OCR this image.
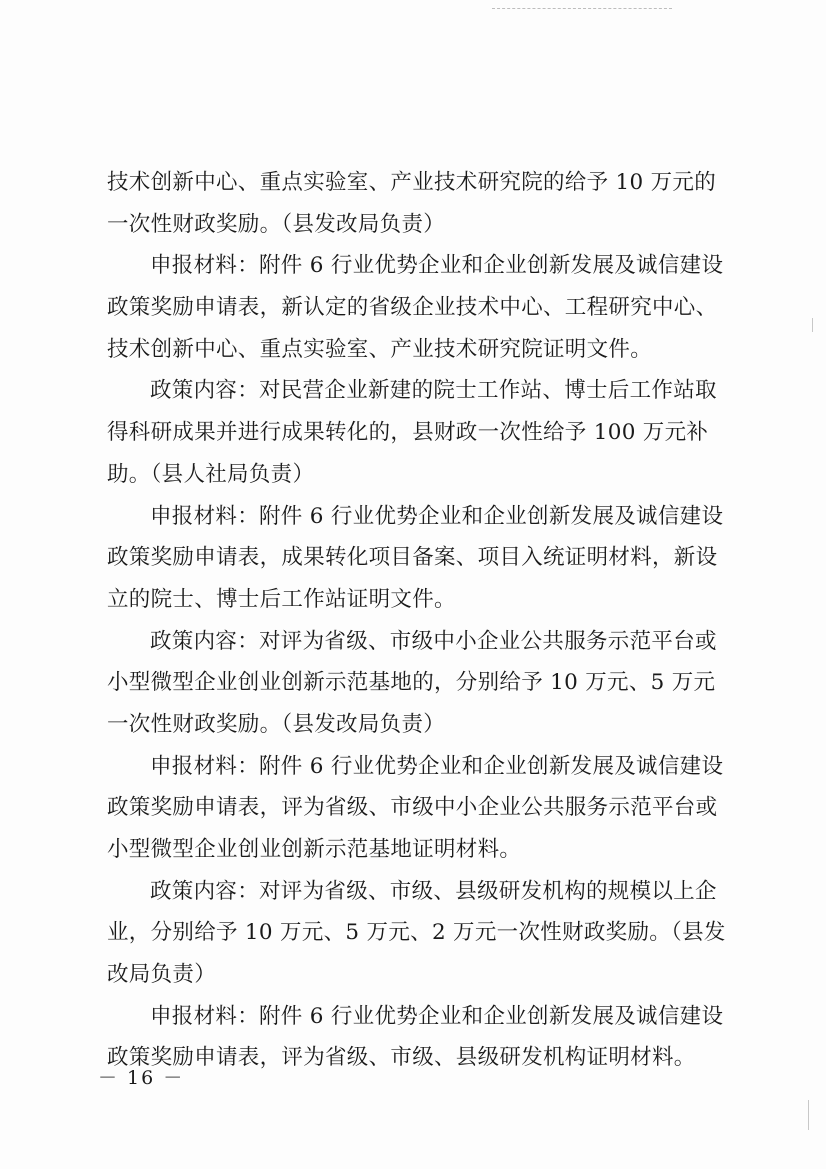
技术创新中心、重点实验室、产业技术研究院的给予 10 万元的
一次性财政奖励。（县发改局负责）
申报材料：附件 6 行业优势企业和企业创新发展及诚信建设
政策奖励申请表，新认定的省级企业技术中心、工程研究中心、
技术创新中心、重点实验室、产业技术研究院证明文件。
政策内容：对民营企业新建的院士工作站、博士后工作站取
得科研成果并进行成果转化的，县财政一次性给予 100 万元补
助。（县人社局负责）
申报材料：附件 6 行业优势企业和企业创新发展及诚信建设
政策奖励申请表，成果转化项目备案、项目入统证明材料，新设
立的院士、博士后工作站证明文件。
政策内容：对评为省级、市级中小企业公共服务示范平台或
小型微型企业创业创新示范基地的，分别给予 10 万元、5 万元
一次性财政奖励。（县发改局负责）
申报材料：附件 6 行业优势企业和企业创新发展及诚信建设
政策奖励申请表，评为省级、市级中小企业公共服务示范平台或
小型微型企业创业创新示范基地证明材料。
政策内容：对评为省级、市级、县级研发机构的规模以上企
业，分别给予 10 万元、5 万元、2 万元一次性财政奖励。（县发
改局负责）
申报材料：附件 6 行业优势企业和企业创新发展及诚信建设
政策奖励申请表，评为省级、市级、县级研发机构证明材料。
－ 16 －
